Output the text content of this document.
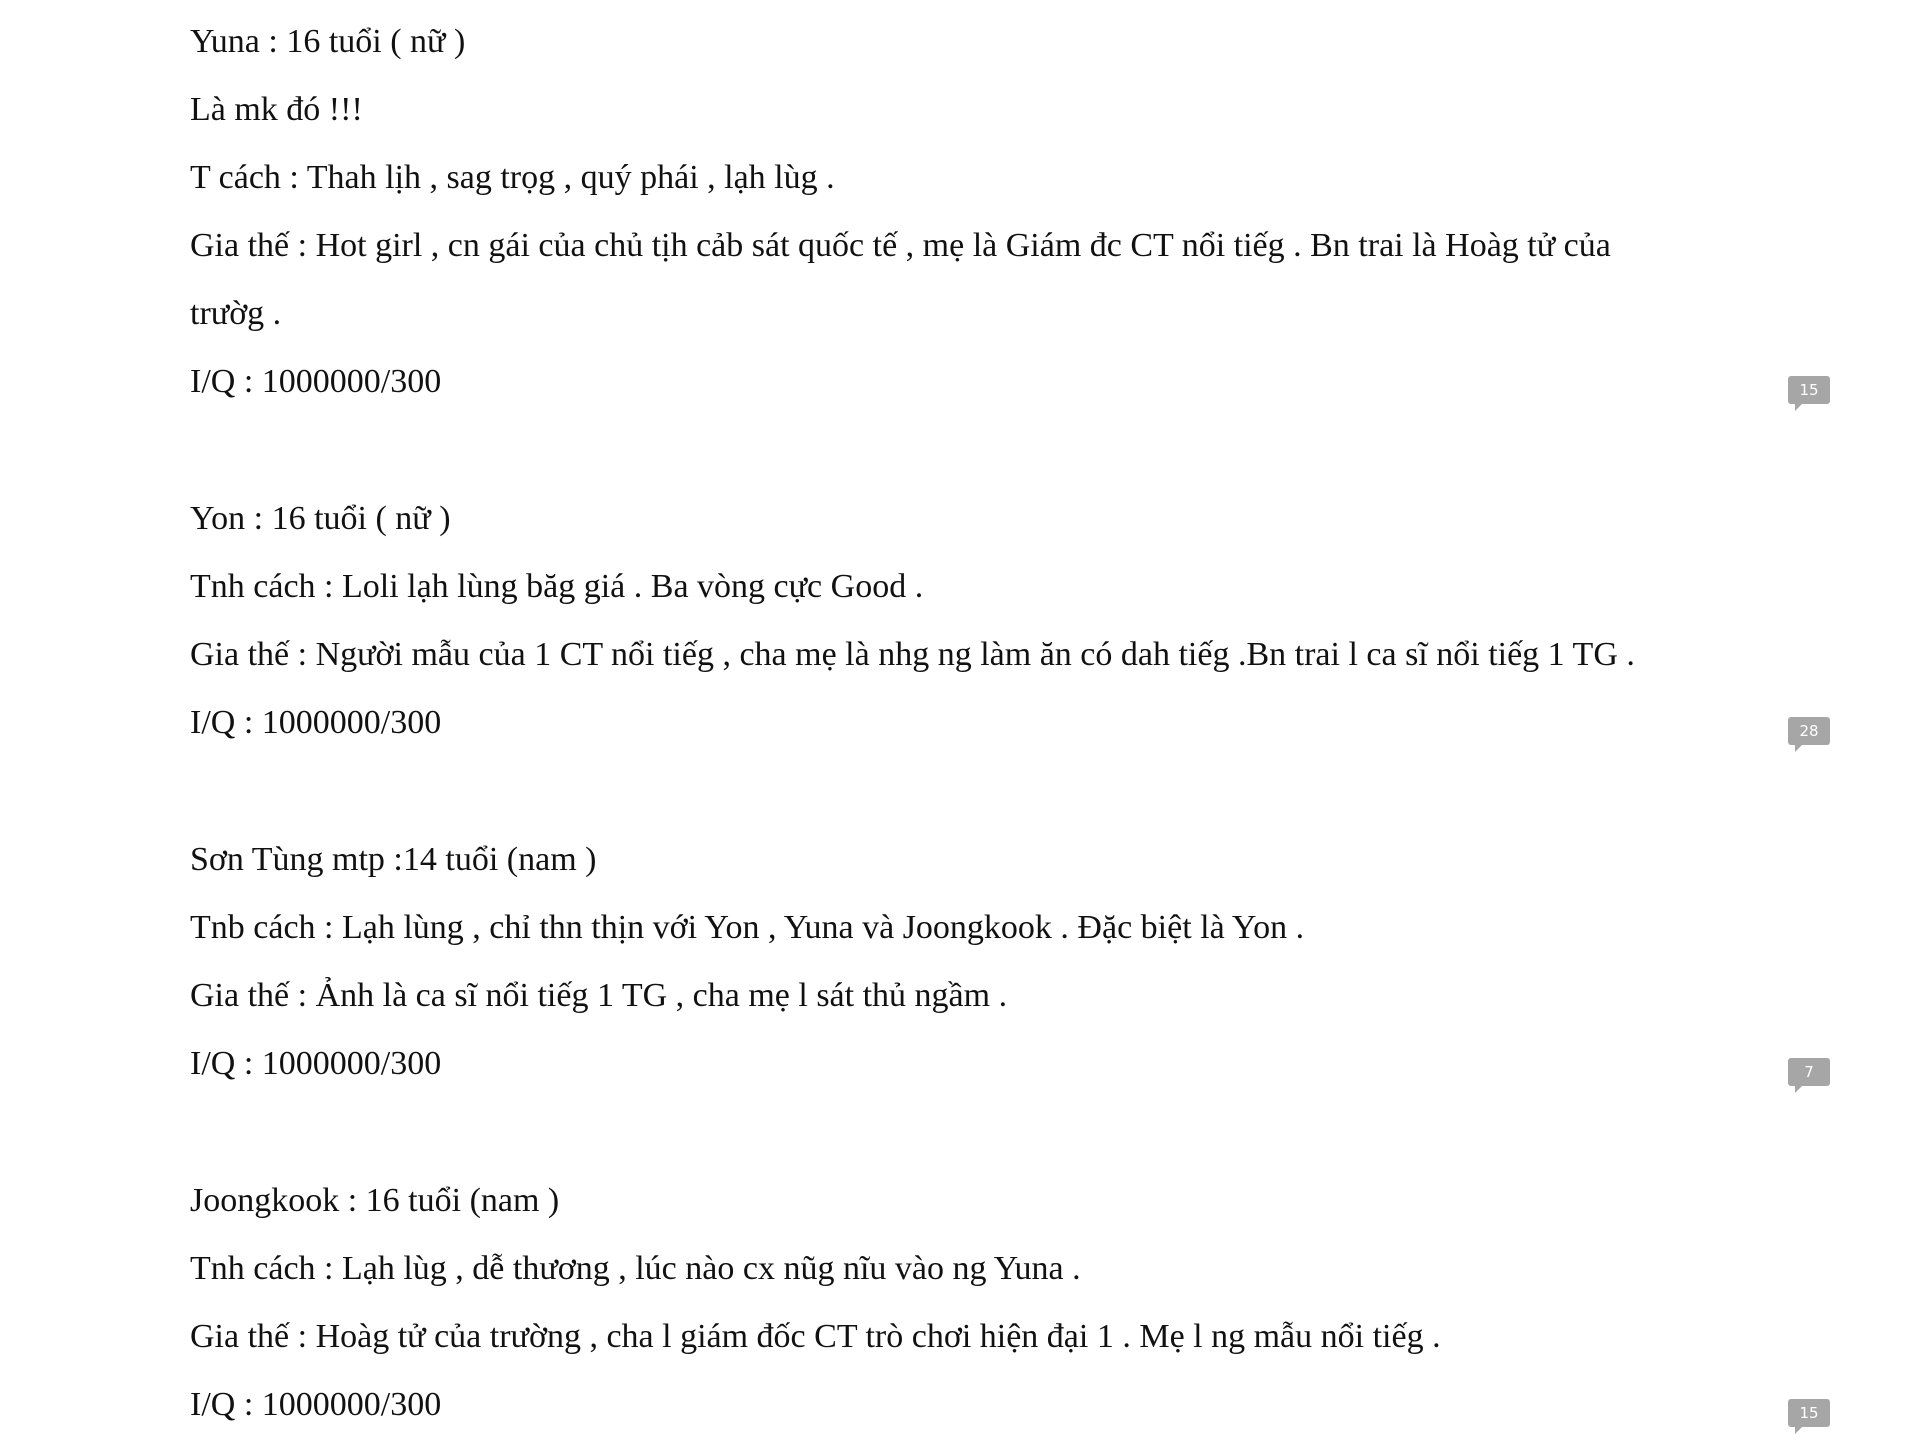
Yuna : 16 tuổi ( nữ )
Là mk đó !!!
T cách : Thah lịh , sag trọg , quý phái , lạh lùg .
Gia thế : Hot girl , cn gái của chủ tịh cảb sát quốc tế , mẹ là Giám đc CT nổi tiếg . Bn trai là Hoàg tử của
trườg .
I/Q : 1000000/300	15
Yon : 16 tuổi ( nữ )
Tnh cách : Loli lạh lùng băg giá . Ba vòng cực Good .
Gia thế : Người mẫu của 1 CT nổi tiếg , cha mẹ là nhg ng làm ăn có dah tiếg .Bn trai l ca sĩ nổi tiếg 1 TG .
I/Q : 1000000/300	28
Sơn Tùng mtp :14 tuổi (nam )
Tnb cách : Lạh lùng , chỉ thn thịn với Yon , Yuna và Joongkook . Đặc biệt là Yon .
Gia thế : Ảnh là ca sĩ nổi tiếg 1 TG , cha mẹ l sát thủ ngầm .
I/Q : 1000000/300	7
Joongkook : 16 tuổi (nam )
Tnh cách : Lạh lùg , dễ thương , lúc nào cx nũg nĩu vào ng Yuna .
Gia thế : Hoàg tử của trường , cha l giám đốc CT trò chơi hiện đại 1 . Mẹ l ng mẫu nổi tiếg .
I/Q : 1000000/300	15
